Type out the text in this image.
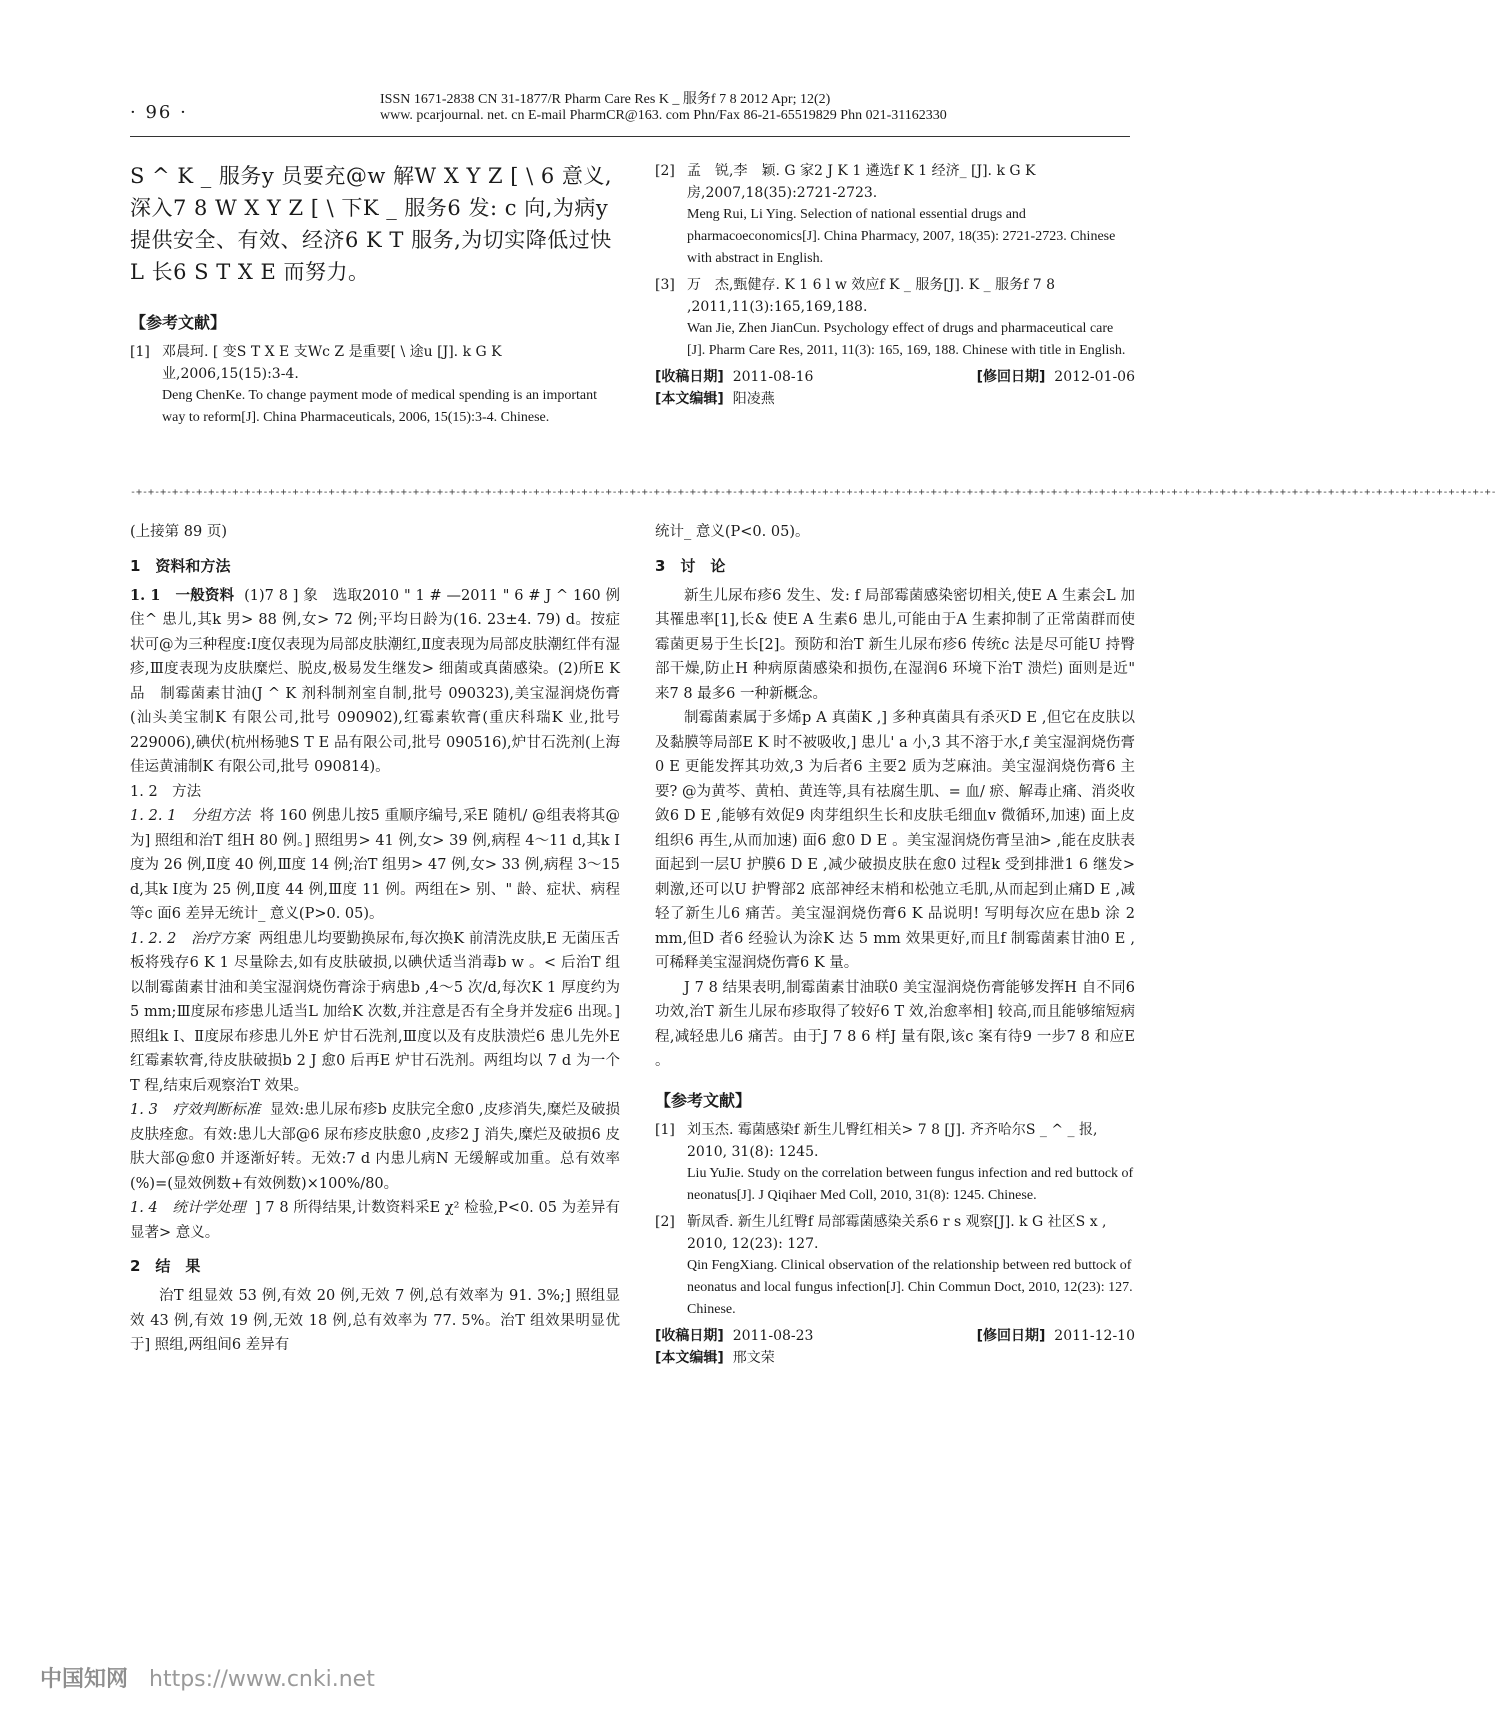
· 96 ·
ISSN 1671-2838 CN 31-1877/R Pharm Care Res K _ 服务f 7 8 2012 Apr; 12(2)
www. pcarjournal. net. cn E-mail PharmCR@163. com Phn/Fax 86-21-65519829 Phn 021-31162330
S ^ K _ 服务y 员要充@w 解W X Y Z [ \ 6 意义,深入7 8 W X Y Z [ \ 下K _ 服务6 发: c 向,为病y 提供安全、有效、经济6 K T 服务,为切实降低过快L 长6 S T X E 而努力。
【参考文献】
[1] 邓晨珂. [ 变S T X E 支Wc Z 是重要[ \ 途u [J]. k G K 业,2006,15(15):3-4.
Deng ChenKe. To change payment mode of medical spending is an important way to reform[J]. China Pharmaceuticals, 2006, 15(15):3-4. Chinese.
[2] 孟　锐,李　颖. G 家2 J K 1 遴选f K 1 经济_ [J]. k G K 房,2007,18(35):2721-2723.
Meng Rui, Li Ying. Selection of national essential drugs and pharmacoeconomics[J]. China Pharmacy, 2007, 18(35): 2721-2723. Chinese with abstract in English.
[3] 万　杰,甄健存. K 1 6 l w 效应f K _ 服务[J]. K _ 服务f 7 8 ,2011,11(3):165,169,188.
Wan Jie, Zhen JianCun. Psychology effect of drugs and pharmaceutical care [J]. Pharm Care Res, 2011, 11(3): 165, 169, 188. Chinese with title in English.
[收稿日期] 2011-08-16	[修回日期] 2012-01-06
[本文编辑]
阳凌燕
-+-+-+-+-+-+-+-+-+-+-+-+-+-+-+-+-+-+-+-+-+-+-+-+-+-+-+-+-+-+-+-+-+-+-+-+-+-+-+-+-+-+-+-+-+-+-+-+-+-+-+-+-+-+-+-+-+-+-+-+-+-+-+-+-+-+-+-+-+-+-+-+-+-+-+-+-+-+-+-+-+-+-+-+-+-+-+-+-+-+-+-+-+-+-+-+-+-+-+-+-+-+-+-+-+-+-+-+-+-+-+-+-+-
(上接第 89 页)
1　资料和方法
1. 1　一般资料 (1)7 8 ] 象　选取2010 " 1 # —2011 " 6 # J ^ 160 例住^ 患儿,其k 男> 88 例,女> 72 例;平均日龄为(16. 23±4. 79) d。按症状可@为三种程度:Ⅰ度仅表现为局部皮肤潮红,Ⅱ度表现为局部皮肤潮红伴有湿疹,Ⅲ度表现为皮肤糜烂、脱皮,极易发生继发> 细菌或真菌感染。(2)所E K 品　制霉菌素甘油(J ^ K 剂科制剂室自制,批号 090323),美宝湿润烧伤膏(汕头美宝制K 有限公司,批号 090902),红霉素软膏(重庆科瑞K 业,批号 229006),碘伏(杭州杨驰S T E 品有限公司,批号 090516),炉甘石洗剂(上海佳运黄浦制K 有限公司,批号 090814)。
1. 2　方法
1. 2. 1　分组方法 将 160 例患儿按5 重顺序编号,采E 随机/ @组表将其@为] 照组和治T 组H 80 例。] 照组男> 41 例,女> 39 例,病程 4～11 d,其k Ⅰ度为 26 例,Ⅱ度 40 例,Ⅲ度 14 例;治T 组男> 47 例,女> 33 例,病程 3～15 d,其k Ⅰ度为 25 例,Ⅱ度 44 例,Ⅲ度 11 例。两组在> 别、" 龄、症状、病程等c 面6 差异无统计_ 意义(P>0. 05)。
1. 2. 2　治疗方案 两组患儿均要勤换尿布,每次换K 前清洗皮肤,E 无菌压舌板将残存6 K 1 尽量除去,如有皮肤破损,以碘伏适当消毒b w 。< 后治T 组以制霉菌素甘油和美宝湿润烧伤膏涂于病患b ,4～5 次/d,每次K 1 厚度约为 5 mm;Ⅲ度尿布疹患儿适当L 加给K 次数,并注意是否有全身并发症6 出现。] 照组k Ⅰ、Ⅱ度尿布疹患儿外E 炉甘石洗剂,Ⅲ度以及有皮肤溃烂6 患儿先外E 红霉素软膏,待皮肤破损b 2 J 愈0 后再E 炉甘石洗剂。两组均以 7 d 为一个T 程,结束后观察治T 效果。
1. 3　疗效判断标准 显效:患儿尿布疹b 皮肤完全愈0 ,皮疹消失,糜烂及破损皮肤痊愈。有效:患儿大部@6 尿布疹皮肤愈0 ,皮疹2 J 消失,糜烂及破损6 皮肤大部@愈0 并逐渐好转。无效:7 d 内患儿病N 无缓解或加重。总有效率(%)=(显效例数+有效例数)×100%/80。
1. 4　统计学处理 ] 7 8 所得结果,计数资料采E χ² 检验,P<0. 05 为差异有显著> 意义。
2　结　果
治T 组显效 53 例,有效 20 例,无效 7 例,总有效率为 91. 3%;] 照组显效 43 例,有效 19 例,无效 18 例,总有效率为 77. 5%。治T 组效果明显优于] 照组,两组间6 差异有
统计_ 意义(P<0. 05)。
3　讨　论
新生儿尿布疹6 发生、发: f 局部霉菌感染密切相关,使E A 生素会L 加其罹患率[1],长& 使E A 生素6 患儿,可能由于A 生素抑制了正常菌群而使霉菌更易于生长[2]。预防和治T 新生儿尿布疹6 传统c 法是尽可能U 持臀部干燥,防止H 种病原菌感染和损伤,在湿润6 环境下治T 溃烂) 面则是近" 来7 8 最多6 一种新概念。
制霉菌素属于多烯p A 真菌K ,] 多种真菌具有杀灭D E ,但它在皮肤以及黏膜等局部E K 时不被吸收,] 患儿' a 小,3 其不溶于水,f 美宝湿润烧伤膏0 E 更能发挥其功效,3 为后者6 主要2 质为芝麻油。美宝湿润烧伤膏6 主要? @为黄芩、黄柏、黄连等,具有祛腐生肌、= 血/ 瘀、解毒止痛、消炎收敛6 D E ,能够有效促9 肉芽组织生长和皮肤毛细血v 微循环,加速) 面上皮组织6 再生,从而加速) 面6 愈0 D E 。美宝湿润烧伤膏呈油> ,能在皮肤表面起到一层U 护膜6 D E ,减少破损皮肤在愈0 过程k 受到排泄1 6 继发> 刺激,还可以U 护臀部2 底部神经末梢和松弛立毛肌,从而起到止痛D E ,减轻了新生儿6 痛苦。美宝湿润烧伤膏6 K 品说明! 写明每次应在患b 涂 2 mm,但D 者6 经验认为涂K 达 5 mm 效果更好,而且f 制霉菌素甘油0 E ,可稀释美宝湿润烧伤膏6 K 量。
J 7 8 结果表明,制霉菌素甘油联0 美宝湿润烧伤膏能够发挥H 自不同6 功效,治T 新生儿尿布疹取得了较好6 T 效,治愈率相] 较高,而且能够缩短病程,减轻患儿6 痛苦。由于J 7 8 6 样J 量有限,该c 案有待9 一步7 8 和应E 。
【参考文献】
[1] 刘玉杰. 霉菌感染f 新生儿臀红相关> 7 8 [J]. 齐齐哈尔S _ ^ _ 报, 2010, 31(8): 1245.
Liu YuJie. Study on the correlation between fungus infection and red buttock of neonatus[J]. J Qiqihaer Med Coll, 2010, 31(8): 1245. Chinese.
[2] 靳凤香. 新生儿红臀f 局部霉菌感染关系6 r s 观察[J]. k G 社区S x , 2010, 12(23): 127.
Qin FengXiang. Clinical observation of the relationship between red buttock of neonatus and local fungus infection[J]. Chin Commun Doct, 2010, 12(23): 127. Chinese.
[收稿日期] 2011-08-23	[修回日期] 2011-12-10
[本文编辑]
邢文荣
中国知网 https://www.cnki.net
